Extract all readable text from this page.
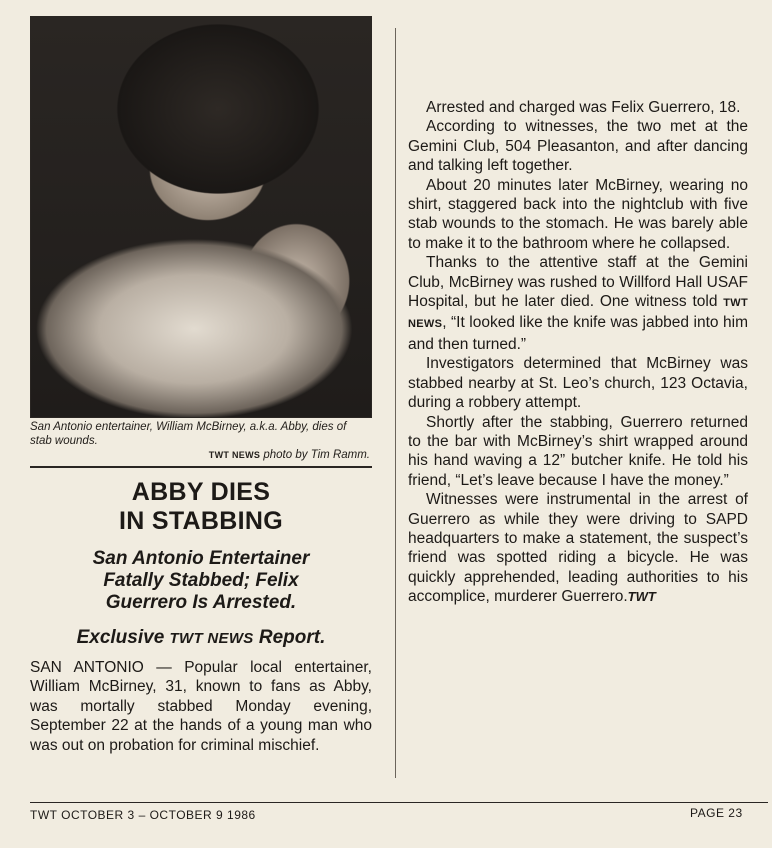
San Antonio entertainer, William McBirney, a.k.a. Abby, dies of stab wounds.
TWT NEWS photo by Tim Ramm.
ABBY DIES
IN STABBING
San Antonio Entertainer
Fatally Stabbed; Felix
Guerrero Is Arrested.
Exclusive TWT NEWS Report.

SAN ANTONIO — Popular local entertainer, William McBirney, 31, known to fans as Abby, was mortally stabbed Monday evening, September 22 at the hands of a young man who was out on probation for criminal mischief.

Arrested and charged was Felix Guerrero, 18.

According to witnesses, the two met at the Gemini Club, 504 Pleasanton, and after dancing and talking left together.

About 20 minutes later McBirney, wearing no shirt, staggered back into the nightclub with five stab wounds to the stomach. He was barely able to make it to the bathroom where he collapsed.

Thanks to the attentive staff at the Gemini Club, McBirney was rushed to Willford Hall USAF Hospital, but he later died. One witness told TWT NEWS, “It looked like the knife was jabbed into him and then turned.”

Investigators determined that McBirney was stabbed nearby at St. Leo’s church, 123 Octavia, during a robbery attempt.

Shortly after the stabbing, Guerrero returned to the bar with McBirney’s shirt wrapped around his hand waving a 12” butcher knife. He told his friend, “Let’s leave because I have the money.”

Witnesses were instrumental in the arrest of Guerrero as while they were driving to SAPD headquarters to make a statement, the suspect’s friend was spotted riding a bicycle. He was quickly apprehended, leading authorities to his accomplice, murderer Guerrero.TWT

TWT OCTOBER 3 – OCTOBER 9 1986	PAGE 23
